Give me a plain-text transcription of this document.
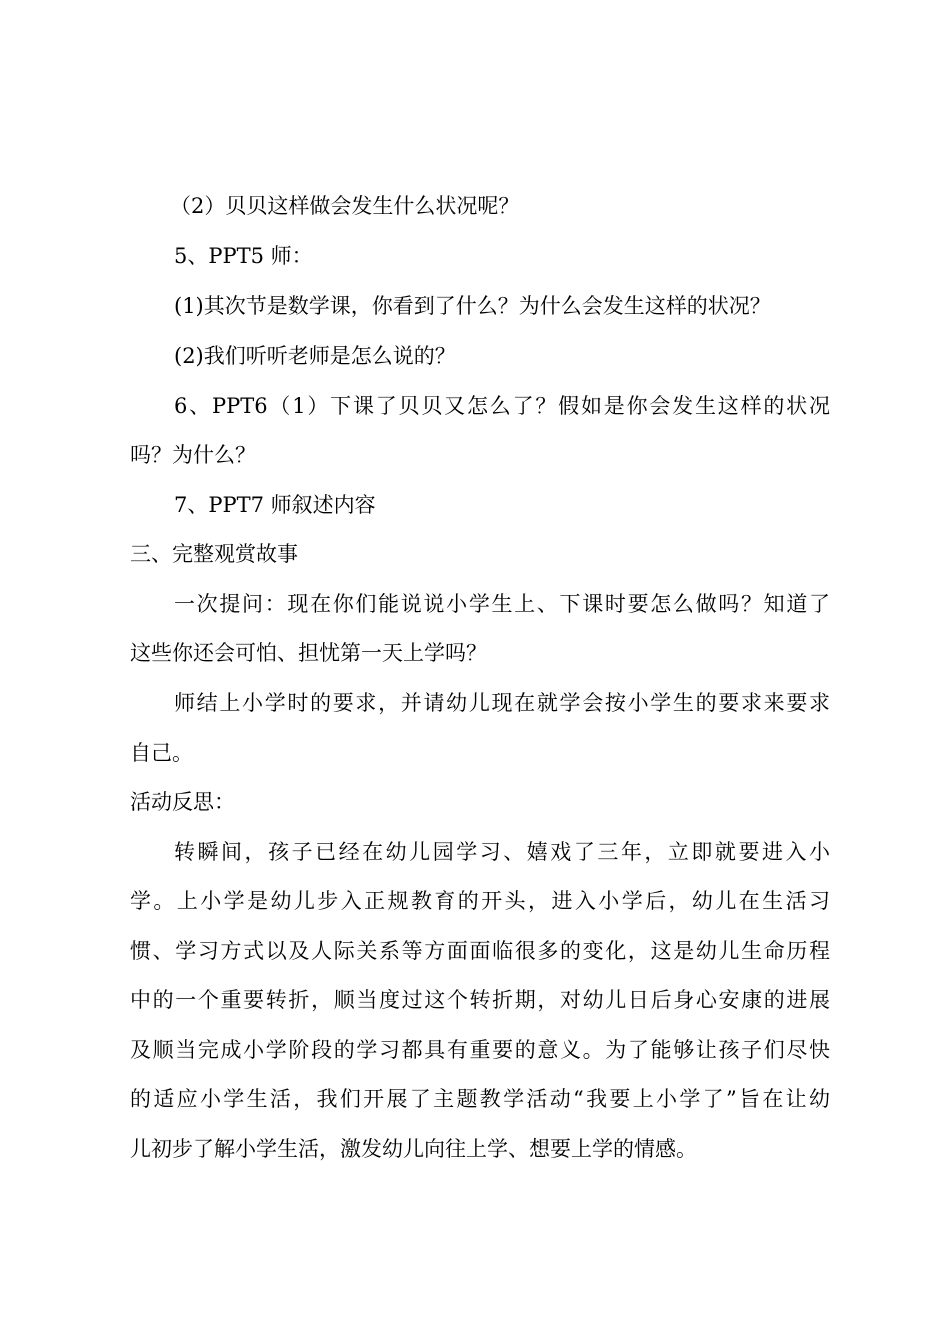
（2）贝贝这样做会发生什么状况呢？
5、PPT5 师：
(1)其次节是数学课，你看到了什么？为什么会发生这样的状况？
(2)我们听听老师是怎么说的？
6、PPT6（1）下课了贝贝又怎么了？假如是你会发生这样的状况
吗？为什么？
7、PPT7 师叙述内容
三、完整观赏故事
一次提问：现在你们能说说小学生上、下课时要怎么做吗？知道了
这些你还会可怕、担忧第一天上学吗？
师结上小学时的要求，并请幼儿现在就学会按小学生的要求来要求
自己。
活动反思：
转瞬间，孩子已经在幼儿园学习、嬉戏了三年，立即就要进入小
学。上小学是幼儿步入正规教育的开头，进入小学后，幼儿在生活习
惯、学习方式以及人际关系等方面面临很多的变化，这是幼儿生命历程
中的一个重要转折，顺当度过这个转折期，对幼儿日后身心安康的进展
及顺当完成小学阶段的学习都具有重要的意义。为了能够让孩子们尽快
的适应小学生活，我们开展了主题教学活动“我要上小学了”旨在让幼
儿初步了解小学生活，激发幼儿向往上学、想要上学的情感。
